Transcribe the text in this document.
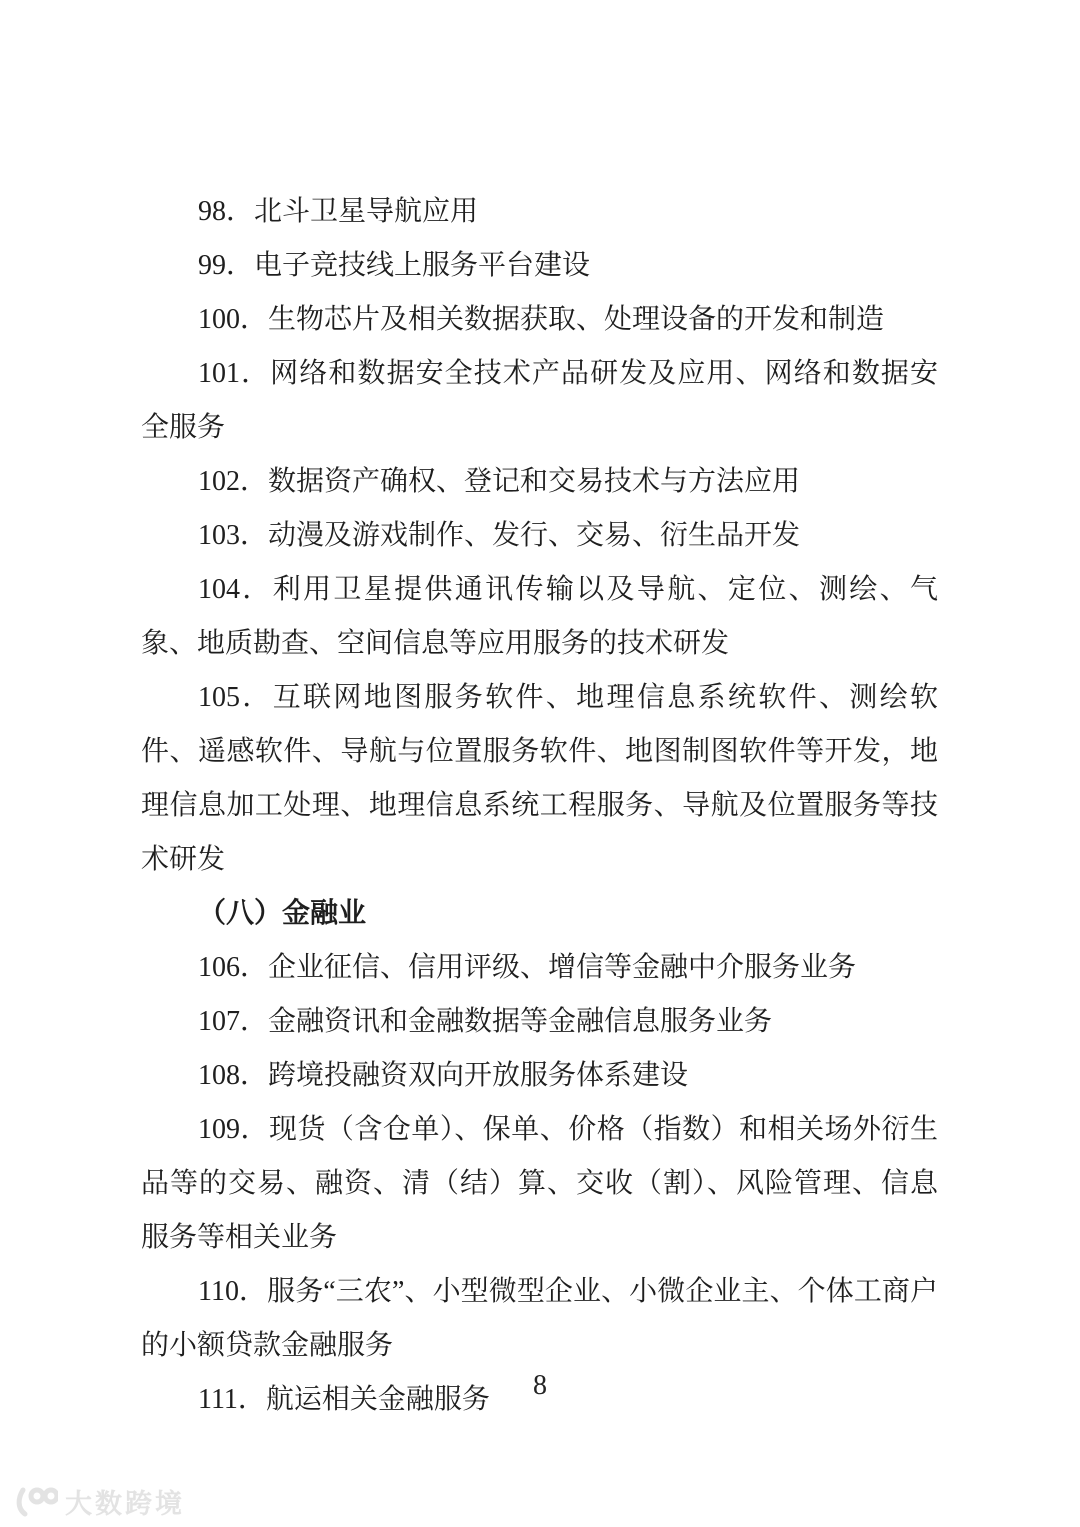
98．北斗卫星导航应用

99．电子竞技线上服务平台建设

100．生物芯片及相关数据获取、处理设备的开发和制造

101．网络和数据安全技术产品研发及应用、网络和数据安全服务

102．数据资产确权、登记和交易技术与方法应用

103．动漫及游戏制作、发行、交易、衍生品开发

104．利用卫星提供通讯传输以及导航、定位、测绘、气象、地质勘查、空间信息等应用服务的技术研发

105．互联网地图服务软件、地理信息系统软件、测绘软件、遥感软件、导航与位置服务软件、地图制图软件等开发，地理信息加工处理、地理信息系统工程服务、导航及位置服务等技术研发

（八）金融业

106．企业征信、信用评级、增信等金融中介服务业务

107．金融资讯和金融数据等金融信息服务业务

108．跨境投融资双向开放服务体系建设

109．现货（含仓单）、保单、价格（指数）和相关场外衍生品等的交易、融资、清（结）算、交收（割）、风险管理、信息服务等相关业务

110．服务“三农”、小型微型企业、小微企业主、个体工商户的小额贷款金融服务

111．航运相关金融服务	8
大数跨境
